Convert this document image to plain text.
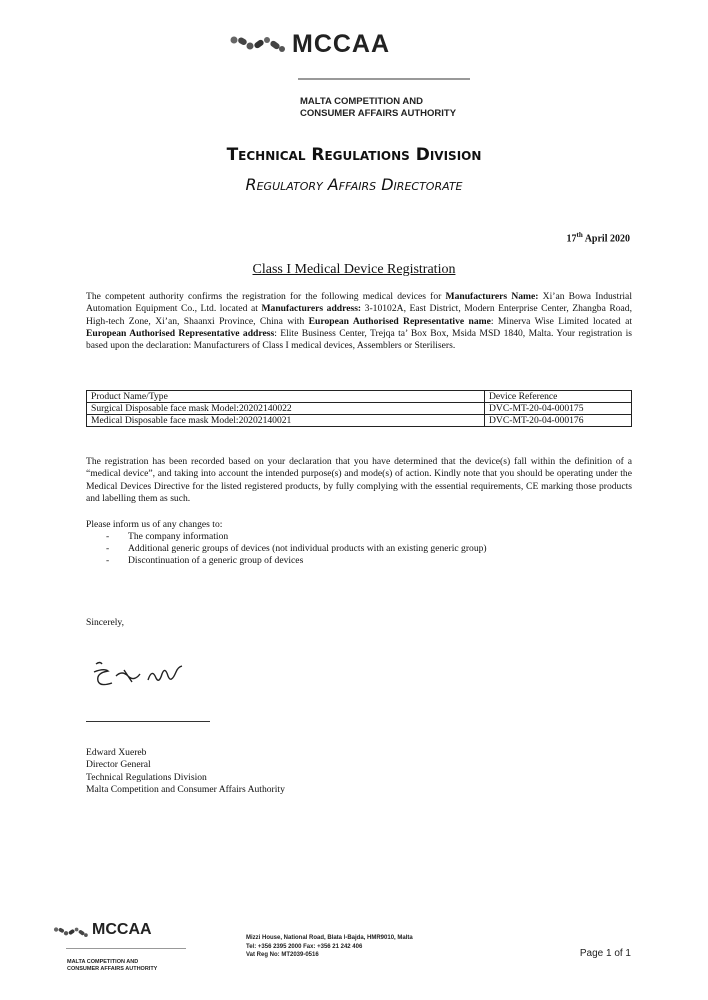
MCCAA
MALTA COMPETITION AND
CONSUMER AFFAIRS AUTHORITY
Technical Regulations Division
Regulatory Affairs Directorate
17th April 2020
Class I Medical Device Registration
The competent authority confirms the registration for the following medical devices for Manufacturers Name: Xi’an Bowa Industrial Automation Equipment Co., Ltd. located at Manufacturers address: 3-10102A, East District, Modern Enterprise Center, Zhangba Road, High-tech Zone, Xi’an, Shaanxi Province, China with European Authorised Representative name: Minerva Wise Limited located at European Authorised Representative address: Elite Business Center, Trejqa ta’ Box Box, Msida MSD 1840, Malta. Your registration is based upon the declaration: Manufacturers of Class I medical devices, Assemblers or Sterilisers.
Product Name/Type	Device Reference
Surgical Disposable face mask Model:20202140022	DVC-MT-20-04-000175
Medical Disposable face mask Model:20202140021	DVC-MT-20-04-000176
The registration has been recorded based on your declaration that you have determined that the device(s) fall within the definition of a “medical device”, and taking into account the intended purpose(s) and mode(s) of action. Kindly note that you should be operating under the Medical Devices Directive for the listed registered products, by fully complying with the essential requirements, CE marking those products and labelling them as such.
Please inform us of any changes to:
- The company information
- Additional generic groups of devices (not individual products with an existing generic group)
- Discontinuation of a generic group of devices
Sincerely,
Edward Xuereb
Director General
Technical Regulations Division
Malta Competition and Consumer Affairs Authority
MCCAA
MALTA COMPETITION AND
CONSUMER AFFAIRS AUTHORITY
Mizzi House, National Road, Blata l-Bajda, HMR9010, Malta
Tel: +356 2395 2000 Fax: +356 21 242 406
Vat Reg No: MT2039-0516	Page 1 of 1
